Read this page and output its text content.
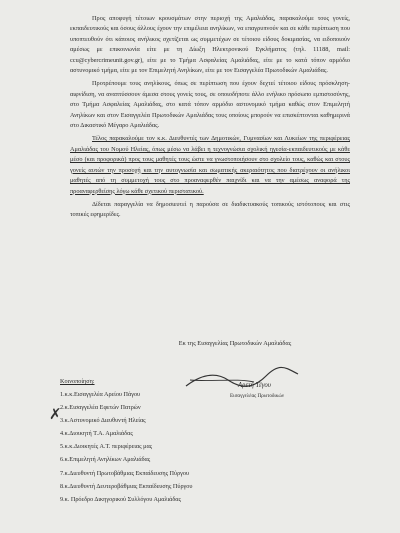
Προς αποφυγή τέτοιων κρουσμάτων στην περιοχή της Αμαλιάδας, παρακαλούμε τους γονείς, εκπαιδευτικούς και όσους άλλους έχουν την επιμέλεια ανηλίκων, να επαγρυπνούν και σε κάθε περίπτωση που υποπτευθούν ότι κάποιος ανήλικος σχετίζεται ως συμμετέχων σε τέτοιου είδους δοκιμασίας, να ειδοποιούν αμέσως με επικοινωνία είτε με τη Δίωξη Ηλεκτρονικού Εγκλήματος (τηλ. 11188, mail: ccu@cybercrimeunit.gov.gr), είτε με το Τμήμα Ασφαλείας Αμαλιάδας, είτε με το κατά τόπον αρμόδιο αστυνομικό τμήμα, είτε με τον Επιμελητή Ανηλίκων, είτε με τον Εισαγγελέα Πρωτοδικών Αμαλιάδας.

Προτρέπουμε τους ανηλίκους, όπως σε περίπτωση που έχουν δεχτεί τέτοιου είδους πρόσκληση-αιφνίδιση, να αναπτύσσουν άμεσα στους γονείς τους, σε οποιοδήποτε άλλο ενήλικο πρόσωπο εμπιστοσύνης, στο Τμήμα Ασφαλείας Αμαλιάδας, στο κατά τόπον αρμόδιο αστυνομικό τμήμα καθώς στον Επιμελητή Ανηλίκων και στον Εισαγγελέα Πρωτοδικών Αμαλιάδας τους οποίους μπορούν να επισκέπτονται καθημερινά στο Δικαστικό Μέγαρο Αμαλιάδας.

Τέλος παρακαλούμε τον κ.κ. Διευθυντές των Δημοτικών, Γυμνασίων και Λυκείων της περιφέρειας Αμαλιάδας του Νομού Ηλείας, όπως μέσω να λάβει η τεχνογνώσια σχολική ηγεσία-εκπαιδευτικούς με κάθε μέσο (και προφορικά) προς τους μαθητές τους ώστε να γνωστοποιήσουν στο σχολείο τους, καθώς και στους γονείς αυτών την προσοχή και την αυτογνωσία και σωματικής ακεραιότητος που διατρέχουν οι ανήλικοι μαθητές από τη συμμετοχή τους στο προαναφερθέν παιχνίδι και να την αμέσως αναφορά της προαναφερθείσης λόγω κάθε σχετικού περιστατικού.

Δίδεται παραγγελία να δημοσιευτεί η παρούσα σε διαδικτυακούς τοπικούς ιστότοπους και στις τοπικές εφημερίδες.

Εκ της Εισαγγελίας Πρωτοδικών Αμαλιάδας
Αρετή Τέγου
Εισαγγελέας Πρωτοδικών
Κοινοποίηση:
1.κ.κ.Εισαγγελέα Αρείου Πάγου
2.κ.Εισαγγελέα Εφετών Πατρών
3.κ.Αστυνομικό Διευθυντή Ηλείας
4.κ.Διοικητή Τ.Α. Αμαλιάδας
5.κ.κ.Διοικητές Α.Τ. περιφέρειας μας
6.κ.Επιμελητή Ανηλίκων Αμαλιάδας
7.κ.Διευθυντή Πρωτοβάθμιας Εκπαίδευσης Πύργου
8.κ.Διευθυντή Δευτεροβάθμιας Εκπαίδευσης Πύργου
9.κ. Πρόεδρο Δικηγορικού Συλλόγου Αμαλιάδας
✗
